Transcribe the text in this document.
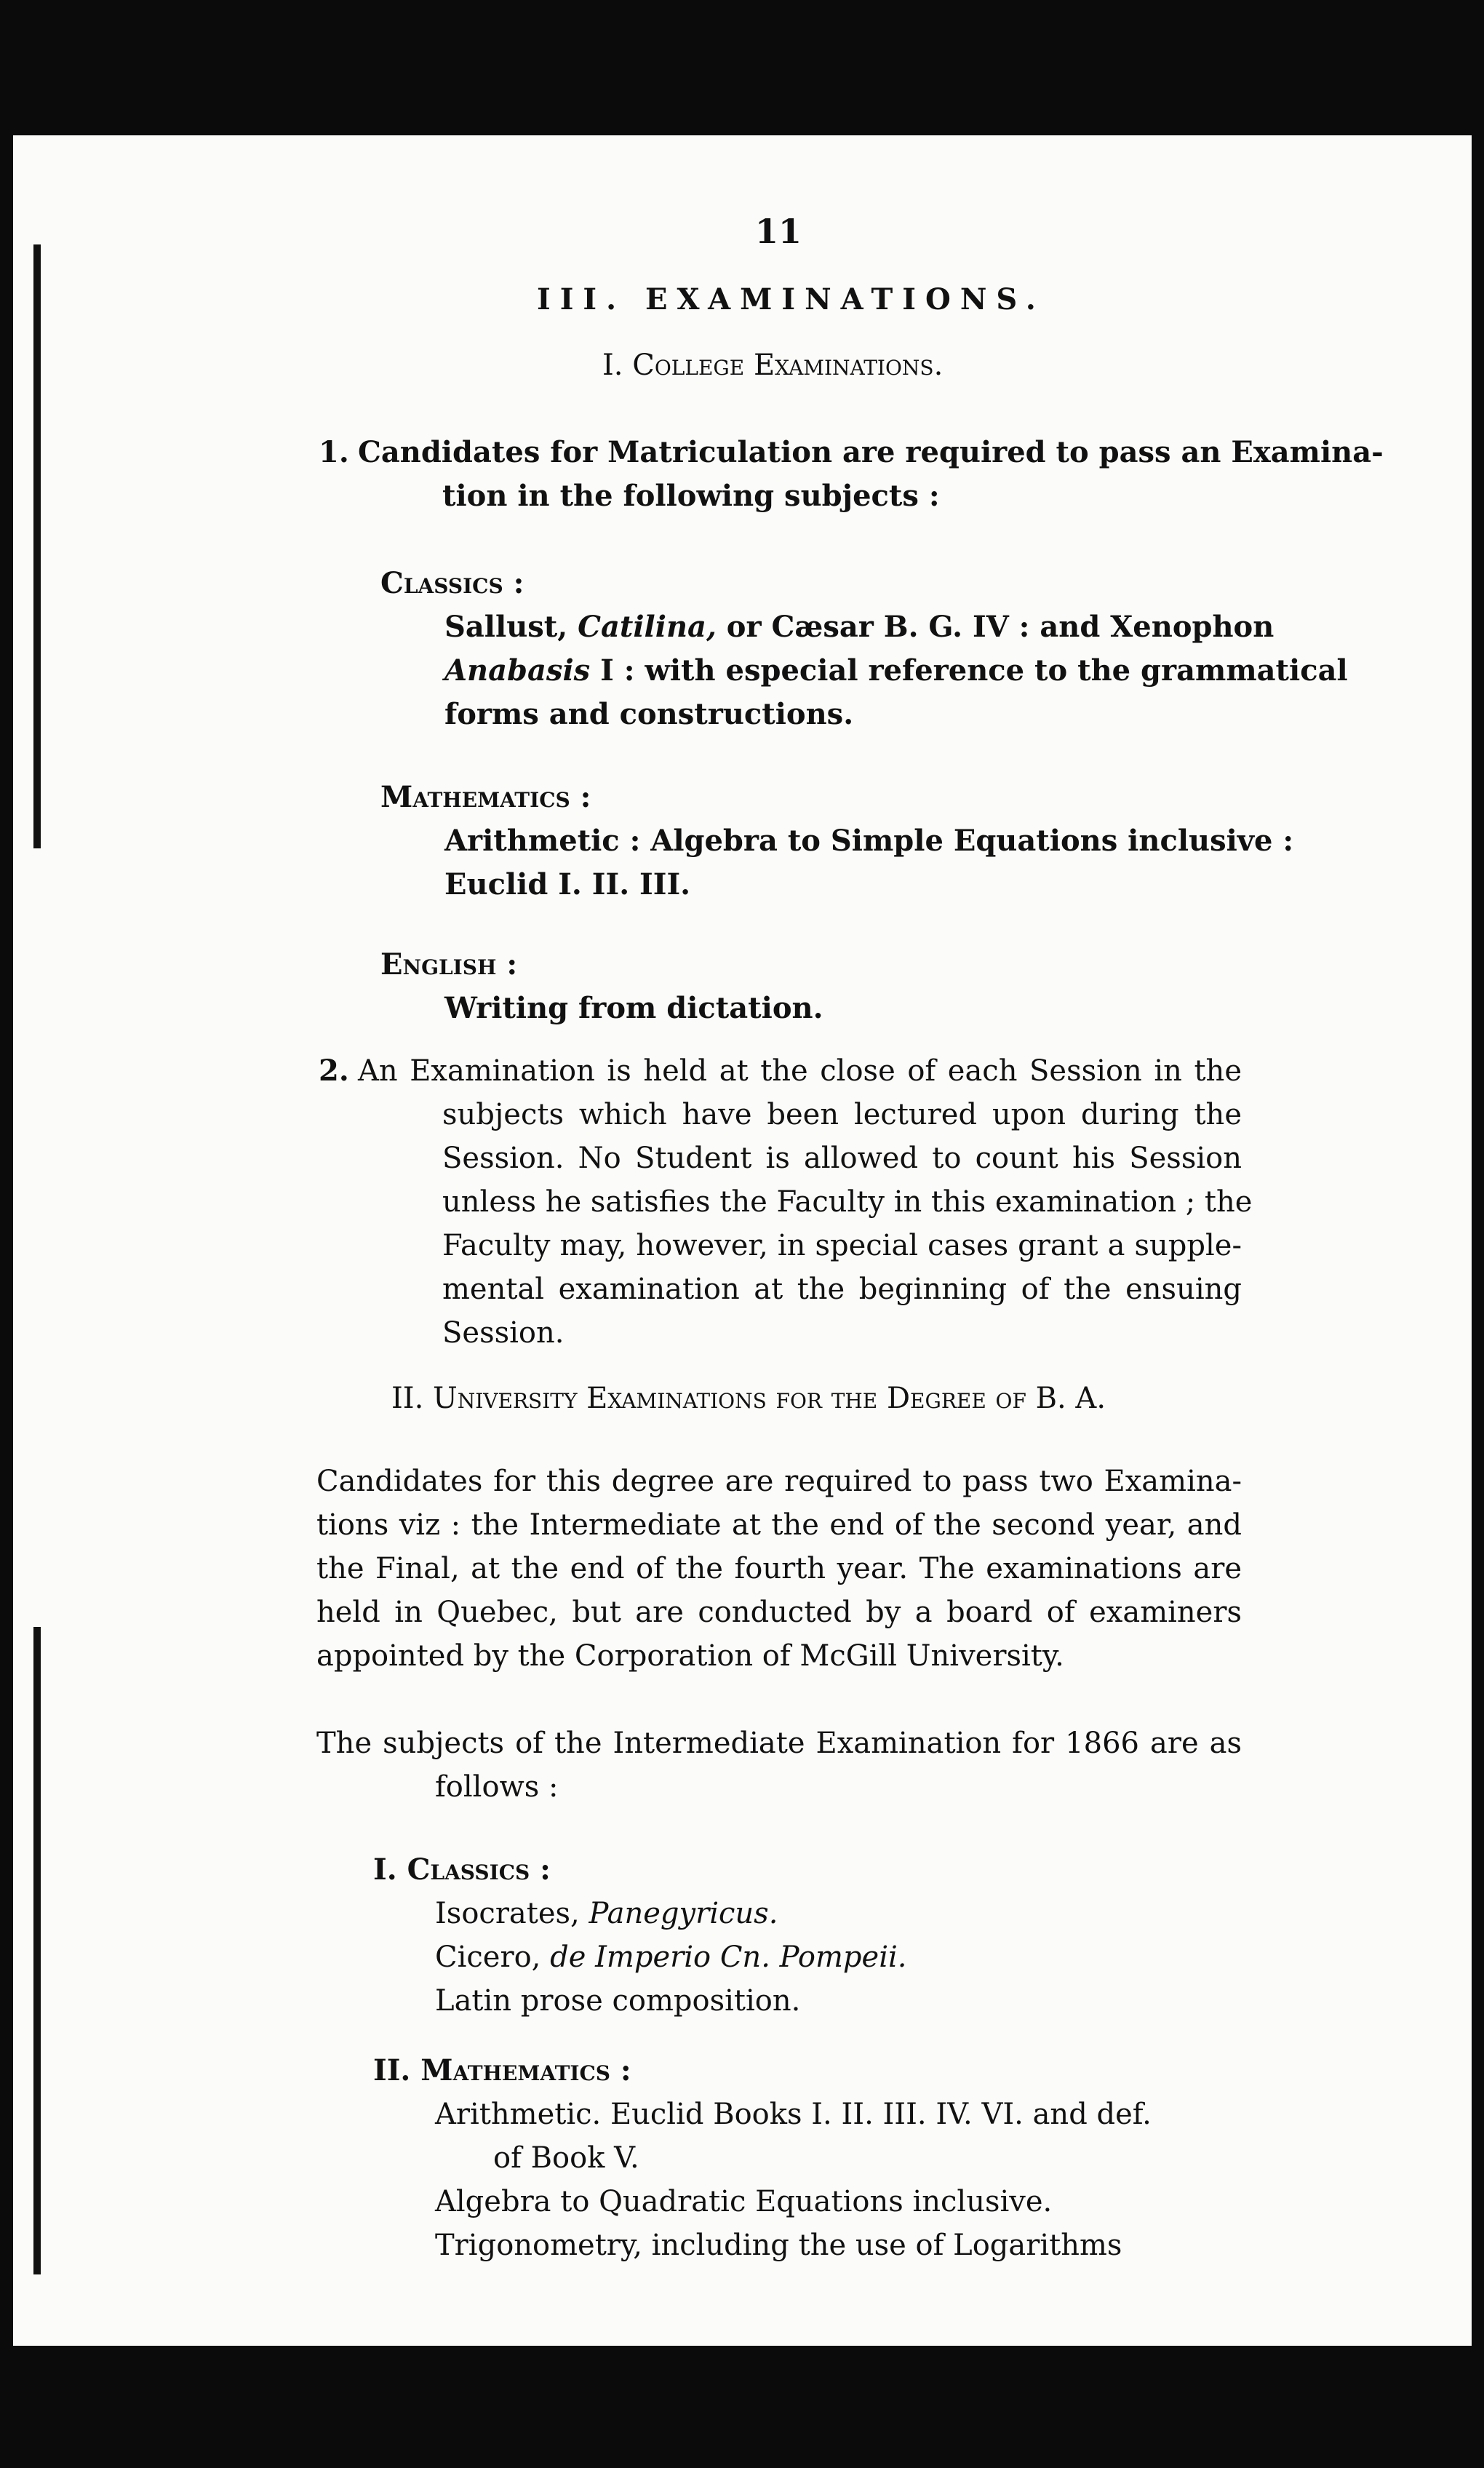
11
III. EXAMINATIONS.
I. College Examinations.
1. Candidates for Matriculation are required to pass an Examina-
tion in the following subjects :
Classics :
Sallust, Catilina, or Cæsar B. G. IV : and Xenophon
Anabasis I : with especial reference to the grammatical
forms and constructions.
Mathematics :
Arithmetic : Algebra to Simple Equations inclusive :
Euclid I. II. III.
English :
Writing from dictation.
2. An Examination is held at the close of each Session in the
subjects which have been lectured upon during the
Session. No Student is allowed to count his Session
unless he satisfies the Faculty in this examination ; the
Faculty may, however, in special cases grant a supple-
mental examination at the beginning of the ensuing
Session.
II. University Examinations for the Degree of B. A.
Candidates for this degree are required to pass two Examina-
tions viz : the Intermediate at the end of the second year, and
the Final, at the end of the fourth year. The examinations are
held in Quebec, but are conducted by a board of examiners
appointed by the Corporation of McGill University.
The subjects of the Intermediate Examination for 1866 are as
follows :
I. Classics :
Isocrates, Panegyricus.
Cicero, de Imperio Cn. Pompeii.
Latin prose composition.
II. Mathematics :
Arithmetic. Euclid Books I. II. III. IV. VI. and def.
of Book V.
Algebra to Quadratic Equations inclusive.
Trigonometry, including the use of Logarithms
